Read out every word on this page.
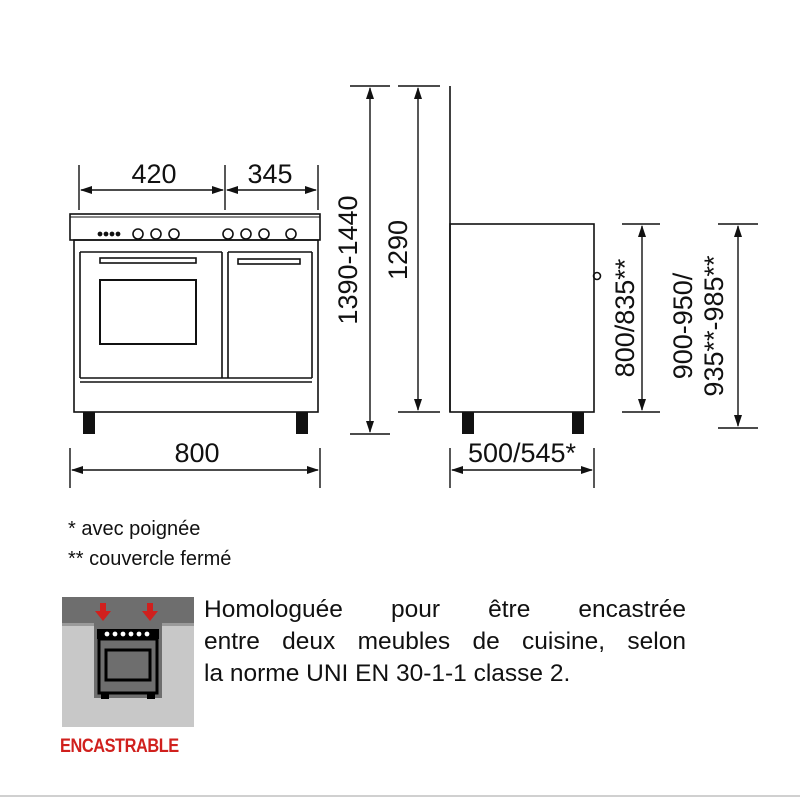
420	345
800	500/545*
1390-1440 1290
800/835** 900-950/ 935**-985**
* avec poignée
** couvercle fermé
Homologuée pour être encastrée
entre deux meubles de cuisine, selon
la norme UNI EN 30-1-1 classe 2.
ENCASTRABLE
